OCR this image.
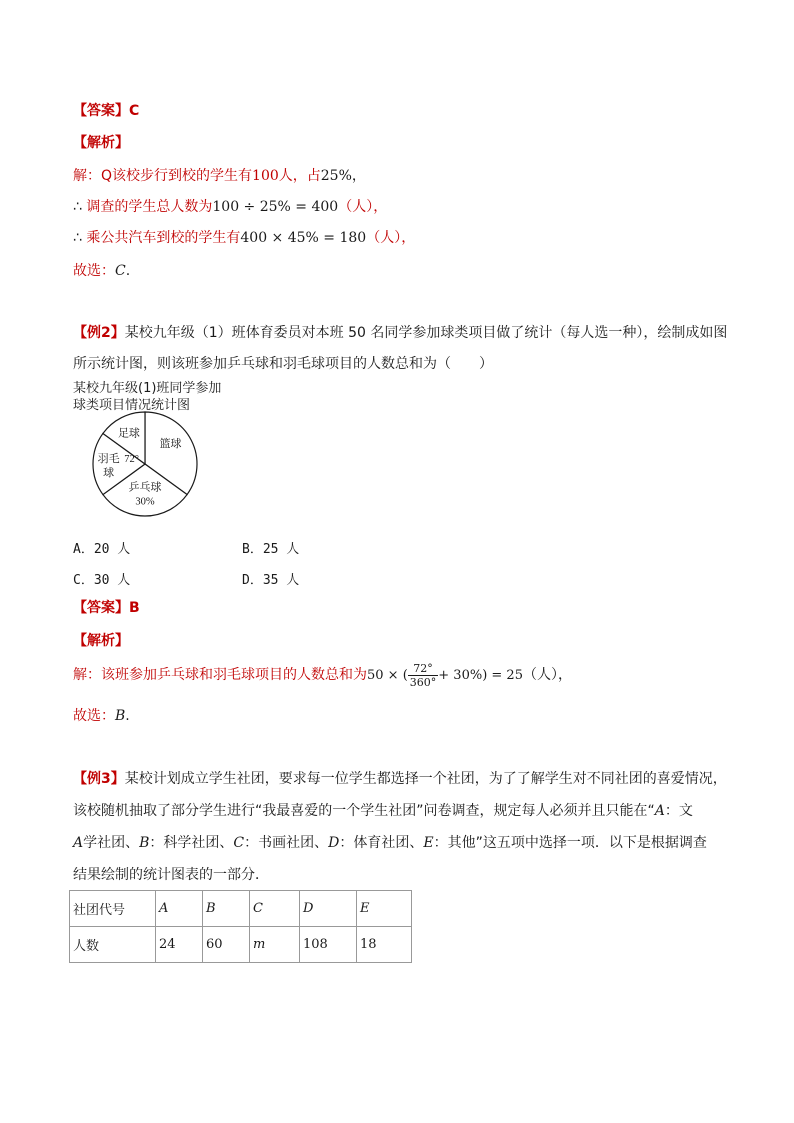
【答案】C
【解析】
解：Q该校步行到校的学生有100人，占25%，
∴ 调查的学生总人数为100 ÷ 25% = 400（人），
∴ 乘公共汽车到校的学生有400 × 45% = 180（人），
故选：C.
【例2】某校九年级（1）班体育委员对本班 50 名同学参加球类项目做了统计（每人选一种），绘制成如图
所示统计图，则该班参加乒乓球和羽毛球项目的人数总和为（　　）
某校九年级(1)班同学参加
球类项目情况统计图
篮球
乒乓球
30%
羽毛
球
72°
足球
A．20 人	B．25 人
C．30 人	D．35 人
【答案】B
【解析】
解：该班参加乒乓球和羽毛球项目的人数总和为50 × ( $\frac{72^\circ}{360^\circ} + 30\%) = 25$（人），
故选：B.
【例3】某校计划成立学生社团，要求每一位学生都选择一个社团，为了了解学生对不同社团的喜爱情况，
该校随机抽取了部分学生进行“我最喜爱的一个学生社团”问卷调查，规定每人必须并且只能在“A：文
A学社团、B：科学社团、C：书画社团、D：体育社团、E：其他”这五项中选择一项．以下是根据调查
结果绘制的统计图表的一部分．
社团代号	A	B	C	D	E
人数	24	60	m	108	18
